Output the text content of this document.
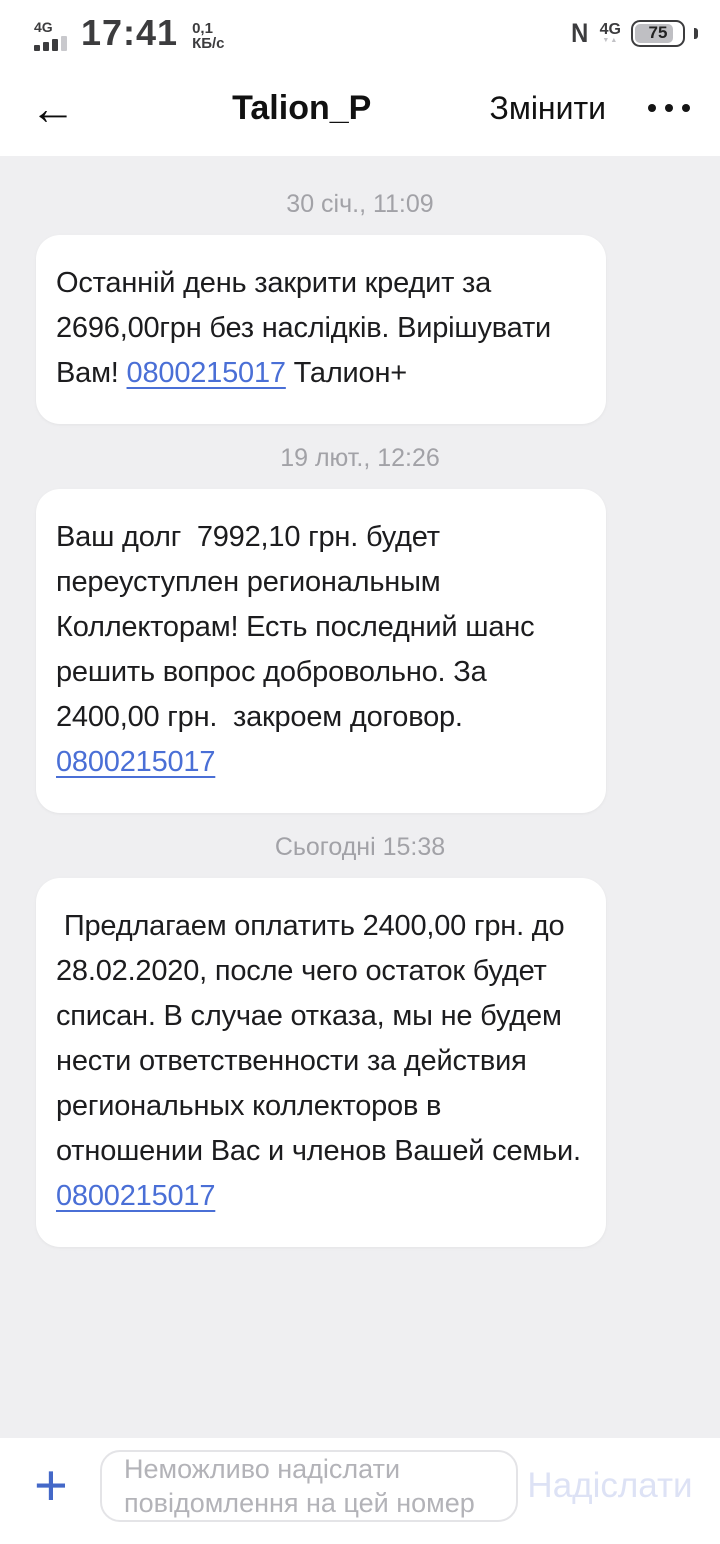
4G 17:41 0,1
КБ/с	N 4G
▼▲	75
←	Talion_P	Змінити
30 січ., 11:09
Останній день закрити кредит за 2696,00грн без наслідків. Вирішувати Вам! 0800215017 Талион+
19 лют., 12:26
Ваш долг  7992,10 грн. будет переуступлен региональным Коллекторам! Есть последний шанс решить вопрос добровольно. За 2400,00 грн.  закроем договор.  0800215017
Сьогодні 15:38
Предлагаем оплатить 2400,00 грн. до 28.02.2020, после чего остаток будет списан. В случае отказа, мы не будем нести ответственности за действия  региональных коллекторов в отношении Вас и членов Вашей семьи. 0800215017
+	Неможливо надіслати повідомлення на цей номер	Надіслати
